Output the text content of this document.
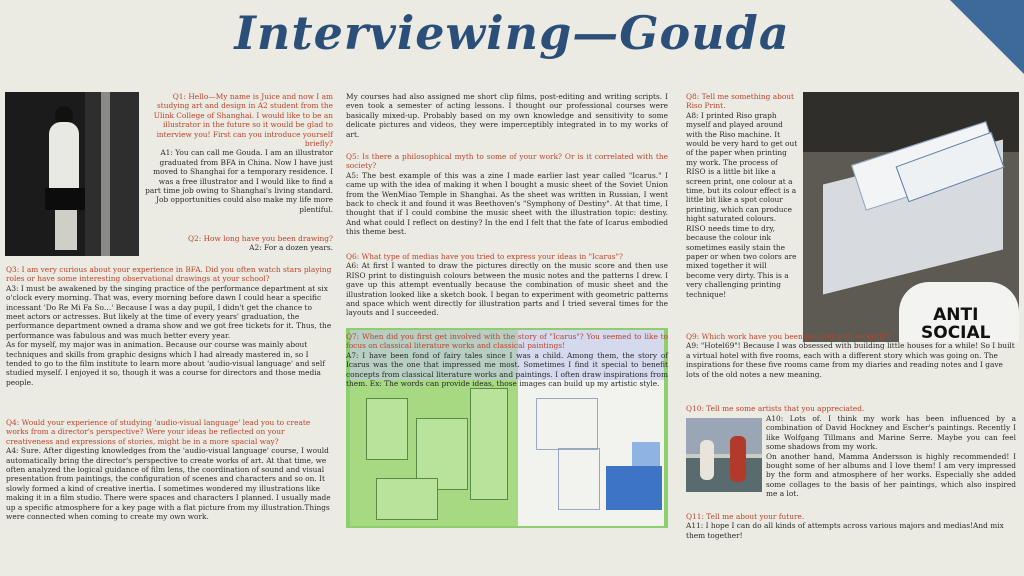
Interviewing—Gouda
Q1: Hello—My name is Juice and now I am studying art and design in A2 student from the Ulink College of Shanghai. I would like to be an illustrator in the future so it would be glad to interview you! First can you introduce yourself briefly?
A1: You can call me Gouda. I am an illustrator graduated from BFA in China. Now I have just moved to Shanghai for a temporary residence. I was a free illustrator and I would like to find a part time job owing to Shanghai's living standard. Job opportunities could also make my life more plentiful.
Q2: How long have you been drawing?
A2: For a dozen years.
Q3: I am very curious about your experience in BFA. Did you often watch stars playing roles or have some interesting observational drawings at your school?
A3: I must be awakened by the singing practice of the performance department at six o'clock every morning. That was, every morning before dawn I could hear a specific incessant 'Do Re Mi Fa So…' Because I was a day pupil, I didn't get the chance to meet actors or actresses. But likely at the time of every years' graduation, the performance department owned a drama show and we got free tickets for it. Thus, the performance was fabulous and was much better every year.
As for myself, my major was in animation. Because our course was mainly about techniques and skills from graphic designs which I had already mastered in, so I tended to go to the film institute to learn more about 'audio-visual language' and self studied myself. I enjoyed it so, though it was a course for directors and those media people.
Q4: Would your experience of studying 'audio-visual language' lead you to create works from a director's perspective? Were your ideas be reflected on your creativeness and expressions of stories, might be in a more spacial way?
A4: Sure. After digesting knowledges from the 'audio-visual language' course, I would automatically bring the director's perspective to create works of art. At that time, we often analyzed the logical guidance of film lens, the coordination of sound and visual presentation from paintings, the configuration of scenes and characters and so on. It slowly formed a kind of creative inertia. I sometimes wondered my illustrations like making it in a film studio. There were spaces and characters I planned. I usually made up a specific atmosphere for a key page with a flat picture from my illustration.Things were connected when coming to create my own work.
My courses had also assigned me short clip films, post-editing and writing scripts. I even took a semester of acting lessons. I thought our professional courses were basically mixed-up. Probably based on my own knowledge and sensitivity to some delicate pictures and videos, they were imperceptibly integrated in to my works of art.
Q5: Is there a philosophical myth to some of your work? Or is it correlated with the society?
A5: The best example of this was a zine I made earlier last year called "Icarus." I came up with the idea of making it when I bought a music sheet of the Soviet Union from the WenMiao Temple in Shanghai. As the sheet was written in Russian, I went back to check it and found it was Beethoven's "Symphony of Destiny". At that time, I thought that if I could combine the music sheet with the illustration topic: destiny. And what could I reflect on destiny? In the end I felt that the fate of Icarus embodied this theme best.
Q6: What type of medias have you tried to express your ideas in "Icarus"?
A6: At first I wanted to draw the pictures directly on the music score and then use RISO print to distinguish colours between the music notes and the patterns I drew. I gave up this attempt eventually because the combination of music sheet and the illustration looked like a sketch book. I began to experiment with geometric patterns and space which went directly for illustration parts and I tried several times for the layouts and I succeeded.
Q7: When did you first get involved with the story of "Icarus"? You seemed to like to focus on classical literature works and classical paintings!
A7: I have been fond of fairy tales since I was a child. Among them, the story of Icarus was the one that impressed me most. Sometimes I find it special to benefit concepts from classical literature works and paintings. I often draw inspirations from them. Ex: The words can provide ideas, those images can build up my artistic style.
Q8: Tell me something about Riso Print.
A8: I printed Riso graph myself and played around with the Riso machine. It would be very hard to get out of the paper when printing my work. The process of RISO is a little bit like a screen print, one colour at a time, but its colour effect is a little bit like a spot colour printing, which can produce hight saturated colours. RISO needs time to dry, because the colour ink sometimes easily stain the paper or when two colors are mixed together it will become very dirty. This is a very challenging printing technique!
ANTI
SOCIAL

Q9: Which work have you been pleased with recently?
A9: "Hotel69"! Because I was obsessed with building little houses for a while! So I built a virtual hotel with five rooms, each with a different story which was going on. The inspirations for these five rooms came from my diaries and reading notes and I gave lots of the old notes a new meaning.
Q10: Tell me some artists that you appreciated.
A10: Lots of. I think my work has been influenced by a combination of David Hockney and Escher's paintings. Recently I like Wolfgang Tillmans and Marine Serre. Maybe you can feel some shadows from my work.
On another hand, Mamma Andersson is highly recommended! I bought some of her albums and I love them! I am very impressed by the form and atmosphere of her works. Especially she added some collages to the basis of her paintings, which also inspired me a lot.
Q11: Tell me about your future.
A11: I hope I can do all kinds of attempts across various majors and medias!And mix them together!
